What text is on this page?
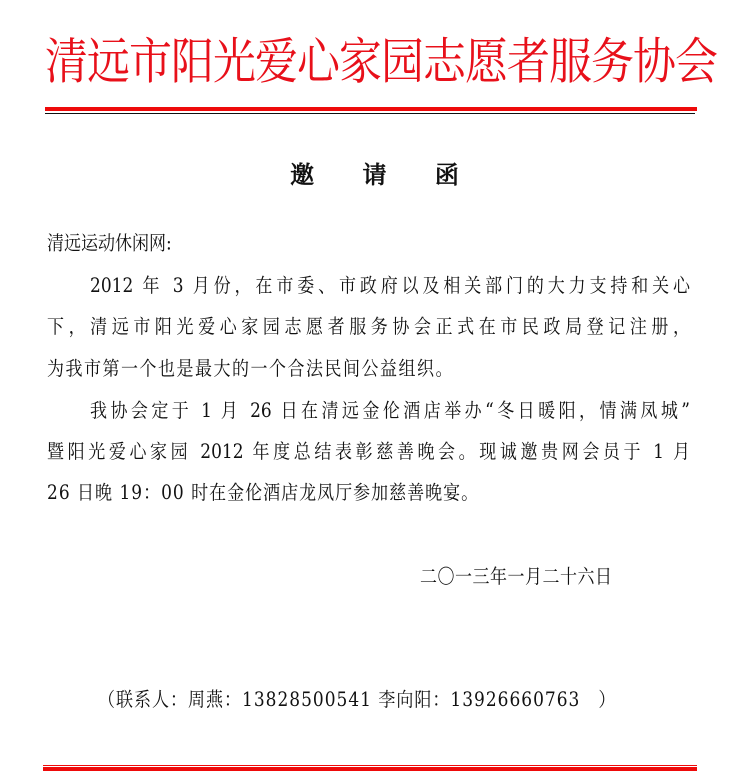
清远市阳光爱心家园志愿者服务协会
邀 请 函
清远运动休闲网:
2012 年 3 月份，在市委、市政府以及相关部门的大力支持和关心
下，清远市阳光爱心家园志愿者服务协会正式在市民政局登记注册，
为我市第一个也是最大的一个合法民间公益组织。
我协会定于 1 月 26 日在清远金伦酒店举办“冬日暖阳，情满凤城”
暨阳光爱心家园 2012 年度总结表彰慈善晚会。现诚邀贵网会员于 1 月
26 日晚 19：00 时在金伦酒店龙凤厅参加慈善晚宴。
二〇一三年一月二十六日
（联系人：周燕：13828500541 李向阳：13926660763　）
